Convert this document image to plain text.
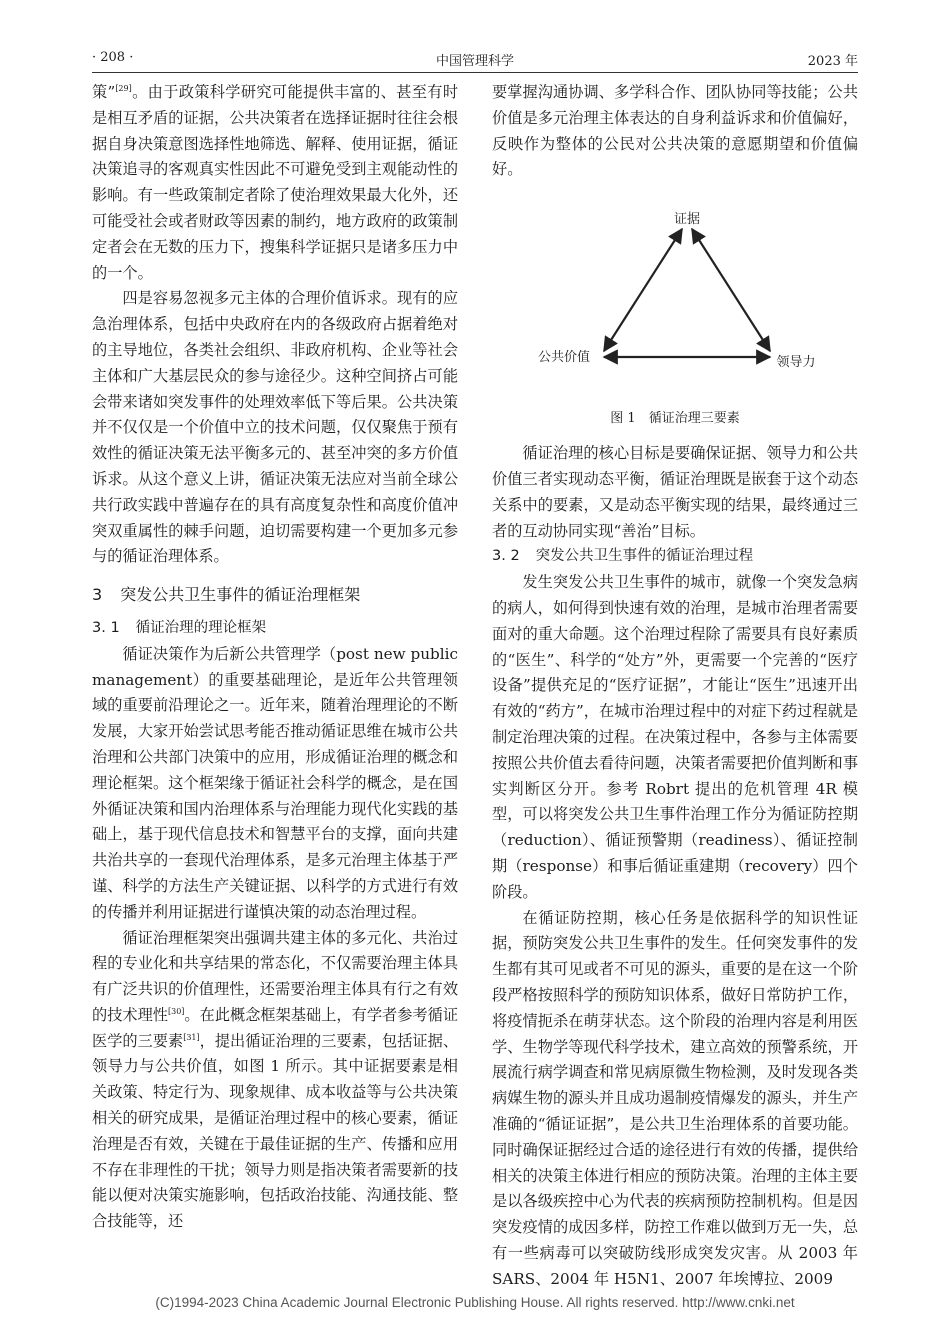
· 208 ·	中国管理科学	2023 年

策”[29]。由于政策科学研究可能提供丰富的、甚至有时是相互矛盾的证据，公共决策者在选择证据时往往会根据自身决策意图选择性地筛选、解释、使用证据，循证决策追寻的客观真实性因此不可避免受到主观能动性的影响。有一些政策制定者除了使治理效果最大化外，还可能受社会或者财政等因素的制约，地方政府的政策制定者会在无数的压力下，搜集科学证据只是诸多压力中的一个。

四是容易忽视多元主体的合理价值诉求。现有的应急治理体系，包括中央政府在内的各级政府占据着绝对的主导地位，各类社会组织、非政府机构、企业等社会主体和广大基层民众的参与途径少。这种空间挤占可能会带来诸如突发事件的处理效率低下等后果。公共决策并不仅仅是一个价值中立的技术问题，仅仅聚焦于预有效性的循证决策无法平衡多元的、甚至冲突的多方价值诉求。从这个意义上讲，循证决策无法应对当前全球公共行政实践中普遍存在的具有高度复杂性和高度价值冲突双重属性的棘手问题，迫切需要构建一个更加多元参与的循证治理体系。

3 突发公共卫生事件的循证治理框架
3. 1 循证治理的理论框架

循证决策作为后新公共管理学（post new public management）的重要基础理论，是近年公共管理领域的重要前沿理论之一。近年来，随着治理理论的不断发展，大家开始尝试思考能否推动循证思维在城市公共治理和公共部门决策中的应用，形成循证治理的概念和理论框架。这个框架缘于循证社会科学的概念，是在国外循证决策和国内治理体系与治理能力现代化实践的基础上，基于现代信息技术和智慧平台的支撑，面向共建共治共享的一套现代治理体系，是多元治理主体基于严谨、科学的方法生产关键证据、以科学的方式进行有效的传播并利用证据进行谨慎决策的动态治理过程。

循证治理框架突出强调共建主体的多元化、共治过程的专业化和共享结果的常态化，不仅需要治理主体具有广泛共识的价值理性，还需要治理主体具有行之有效的技术理性[30]。在此概念框架基础上，有学者参考循证医学的三要素[31]，提出循证治理的三要素，包括证据、领导力与公共价值，如图 1 所示。其中证据要素是相关政策、特定行为、现象规律、成本收益等与公共决策相关的研究成果，是循证治理过程中的核心要素，循证治理是否有效，关键在于最佳证据的生产、传播和应用不存在非理性的干扰；领导力则是指决策者需要新的技能以便对决策实施影响，包括政治技能、沟通技能、整合技能等，还

要掌握沟通协调、多学科合作、团队协同等技能；公共价值是多元治理主体表达的自身利益诉求和价值偏好，反映作为整体的公民对公共决策的意愿期望和价值偏好。

证据
公共价值	领导力
图 1　循证治理三要素

循证治理的核心目标是要确保证据、领导力和公共价值三者实现动态平衡，循证治理既是嵌套于这个动态关系中的要素，又是动态平衡实现的结果，最终通过三者的互动协同实现“善治”目标。

3. 2 突发公共卫生事件的循证治理过程

发生突发公共卫生事件的城市，就像一个突发急病的病人，如何得到快速有效的治理，是城市治理者需要面对的重大命题。这个治理过程除了需要具有良好素质的“医生”、科学的“处方”外，更需要一个完善的“医疗设备”提供充足的“医疗证据”，才能让“医生”迅速开出有效的“药方”，在城市治理过程中的对症下药过程就是制定治理决策的过程。在决策过程中，各参与主体需要按照公共价值去看待问题，决策者需要把价值判断和事实判断区分开。参考 Robrt 提出的危机管理 4R 模型，可以将突发公共卫生事件治理工作分为循证防控期（reduction）、循证预警期（readiness）、循证控制期（response）和事后循证重建期（recovery）四个阶段。

在循证防控期，核心任务是依据科学的知识性证据，预防突发公共卫生事件的发生。任何突发事件的发生都有其可见或者不可见的源头，重要的是在这一个阶段严格按照科学的预防知识体系，做好日常防护工作，将疫情扼杀在萌芽状态。这个阶段的治理内容是利用医学、生物学等现代科学技术，建立高效的预警系统，开展流行病学调查和常见病原微生物检测，及时发现各类病媒生物的源头并且成功遏制疫情爆发的源头，并生产准确的“循证证据”，是公共卫生治理体系的首要功能。同时确保证据经过合适的途径进行有效的传播，提供给相关的决策主体进行相应的预防决策。治理的主体主要是以各级疾控中心为代表的疾病预防控制机构。但是因突发疫情的成因多样，防控工作难以做到万无一失，总有一些病毒可以突破防线形成突发灾害。从 2003 年 SARS、2004 年 H5N1、2007 年埃博拉、2009

(C)1994-2023 China Academic Journal Electronic Publishing House. All rights reserved. http://www.cnki.net
